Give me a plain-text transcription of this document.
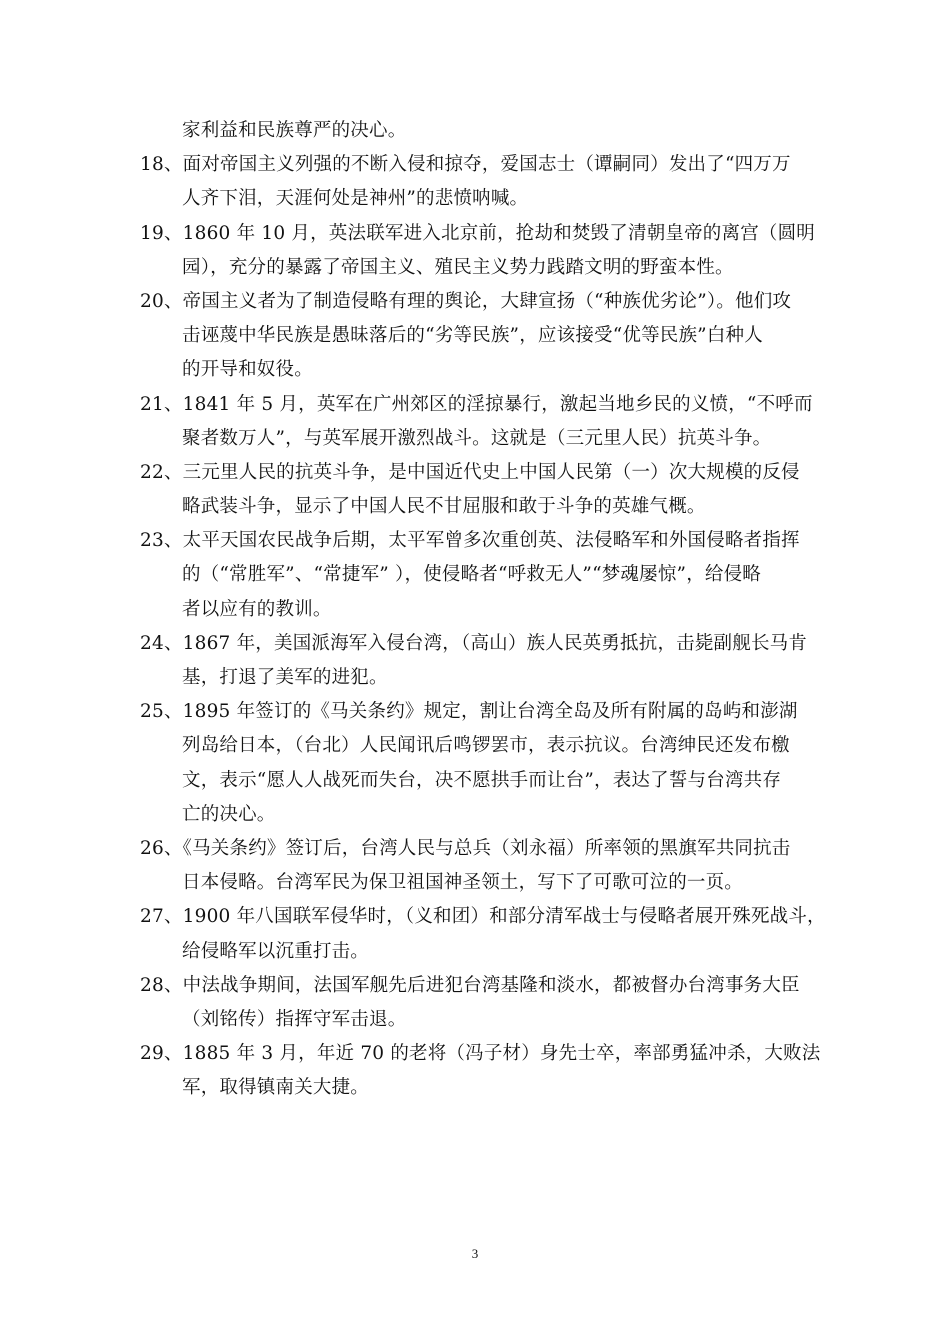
家利益和民族尊严的决心。
18、面对帝国主义列强的不断入侵和掠夺，爱国志士（谭嗣同）发出了“四万万
人齐下泪，天涯何处是神州”的悲愤呐喊。
19、1860 年 10 月，英法联军进入北京前，抢劫和焚毁了清朝皇帝的离宫（圆明
园），充分的暴露了帝国主义、殖民主义势力践踏文明的野蛮本性。
20、帝国主义者为了制造侵略有理的舆论，大肆宣扬（“种族优劣论”）。他们攻
击诬蔑中华民族是愚昧落后的“劣等民族”，应该接受“优等民族”白种人
的开导和奴役。
21、1841 年 5 月，英军在广州郊区的淫掠暴行，激起当地乡民的义愤，“不呼而
聚者数万人”，与英军展开激烈战斗。这就是（三元里人民）抗英斗争。
22、三元里人民的抗英斗争，是中国近代史上中国人民第（一）次大规模的反侵
略武装斗争，显示了中国人民不甘屈服和敢于斗争的英雄气概。
23、太平天国农民战争后期，太平军曾多次重创英、法侵略军和外国侵略者指挥
的（“常胜军”、“常捷军” ），使侵略者“呼救无人”“梦魂屡惊”，给侵略
者以应有的教训。
24、1867 年，美国派海军入侵台湾，（高山）族人民英勇抵抗，击毙副舰长马肯
基，打退了美军的进犯。
25、1895 年签订的《马关条约》规定，割让台湾全岛及所有附属的岛屿和澎湖
列岛给日本，（台北）人民闻讯后鸣锣罢市，表示抗议。台湾绅民还发布檄
文，表示“愿人人战死而失台，决不愿拱手而让台”，表达了誓与台湾共存
亡的决心。
26、《马关条约》签订后，台湾人民与总兵（刘永福）所率领的黑旗军共同抗击
日本侵略。台湾军民为保卫祖国神圣领土，写下了可歌可泣的一页。
27、1900 年八国联军侵华时，（义和团）和部分清军战士与侵略者展开殊死战斗，
给侵略军以沉重打击。
28、中法战争期间，法国军舰先后进犯台湾基隆和淡水，都被督办台湾事务大臣
（刘铭传）指挥守军击退。
29、1885 年 3 月，年近 70 的老将（冯子材）身先士卒，率部勇猛冲杀，大败法
军，取得镇南关大捷。
3
